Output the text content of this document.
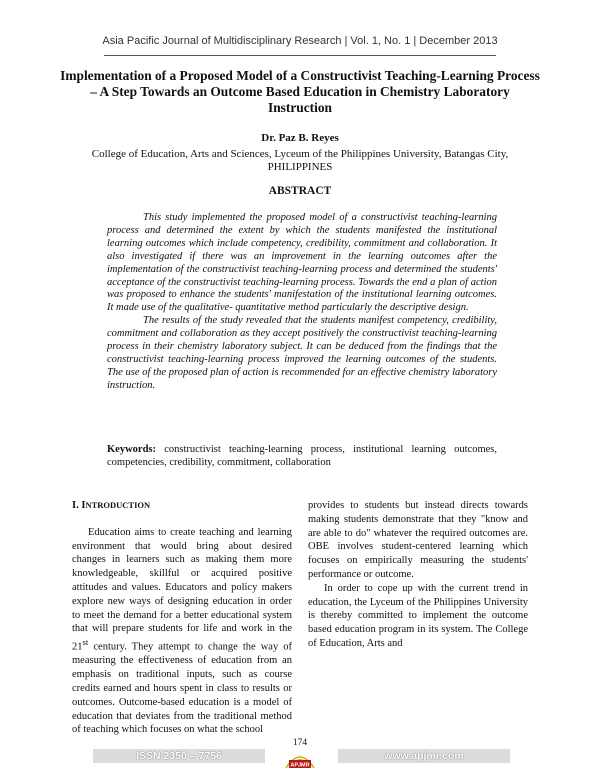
Asia Pacific Journal of Multidisciplinary Research | Vol. 1, No. 1 | December 2013
Implementation of a Proposed Model of a Constructivist Teaching-Learning Process – A Step Towards an Outcome Based Education in Chemistry Laboratory Instruction
Dr. Paz B. Reyes
College of Education, Arts and Sciences, Lyceum of the Philippines University, Batangas City, PHILIPPINES
ABSTRACT

This study implemented the proposed model of a constructivist teaching-learning process and determined the extent by which the students manifested the institutional learning outcomes which include competency, credibility, commitment and collaboration. It also investigated if there was an improvement in the learning outcomes after the implementation of the constructivist teaching-learning process and determined the students' acceptance of the constructivist teaching-learning process. Towards the end a plan of action was proposed to enhance the students' manifestation of the institutional learning outcomes. It made use of the qualitative- quantitative method particularly the descriptive design.

The results of the study revealed that the students manifest competency, credibility, commitment and collaboration as they accept positively the constructivist teaching-learning process in their chemistry laboratory subject. It can be deduced from the findings that the constructivist teaching-learning process improved the learning outcomes of the students. The use of the proposed plan of action is recommended for an effective chemistry laboratory instruction.

Keywords: constructivist teaching-learning process, institutional learning outcomes, competencies, credibility, commitment, collaboration
I. INTRODUCTION

Education aims to create teaching and learning environment that would bring about desired changes in learners such as making them more knowledgeable, skillful or acquired positive attitudes and values. Educators and policy makers explore new ways of designing education in order to meet the demand for a better educational system that will prepare students for life and work in the 21st century. They attempt to change the way of measuring the effectiveness of education from an emphasis on traditional inputs, such as course credits earned and hours spent in class to results or outcomes. Outcome-based education is a model of education that deviates from the traditional method of teaching which focuses on what the school

provides to students but instead directs towards making students demonstrate that they "know and are able to do" whatever the required outcomes are. OBE involves student-centered learning which focuses on empirically measuring the students' performance or outcome.

In order to cope up with the current trend in education, the Lyceum of the Philippines University is thereby committed to implement the outcome based education program in its system. The College of Education, Arts and

ISSN 2350 – 7756	www.apjmr.com
174
APJMR
